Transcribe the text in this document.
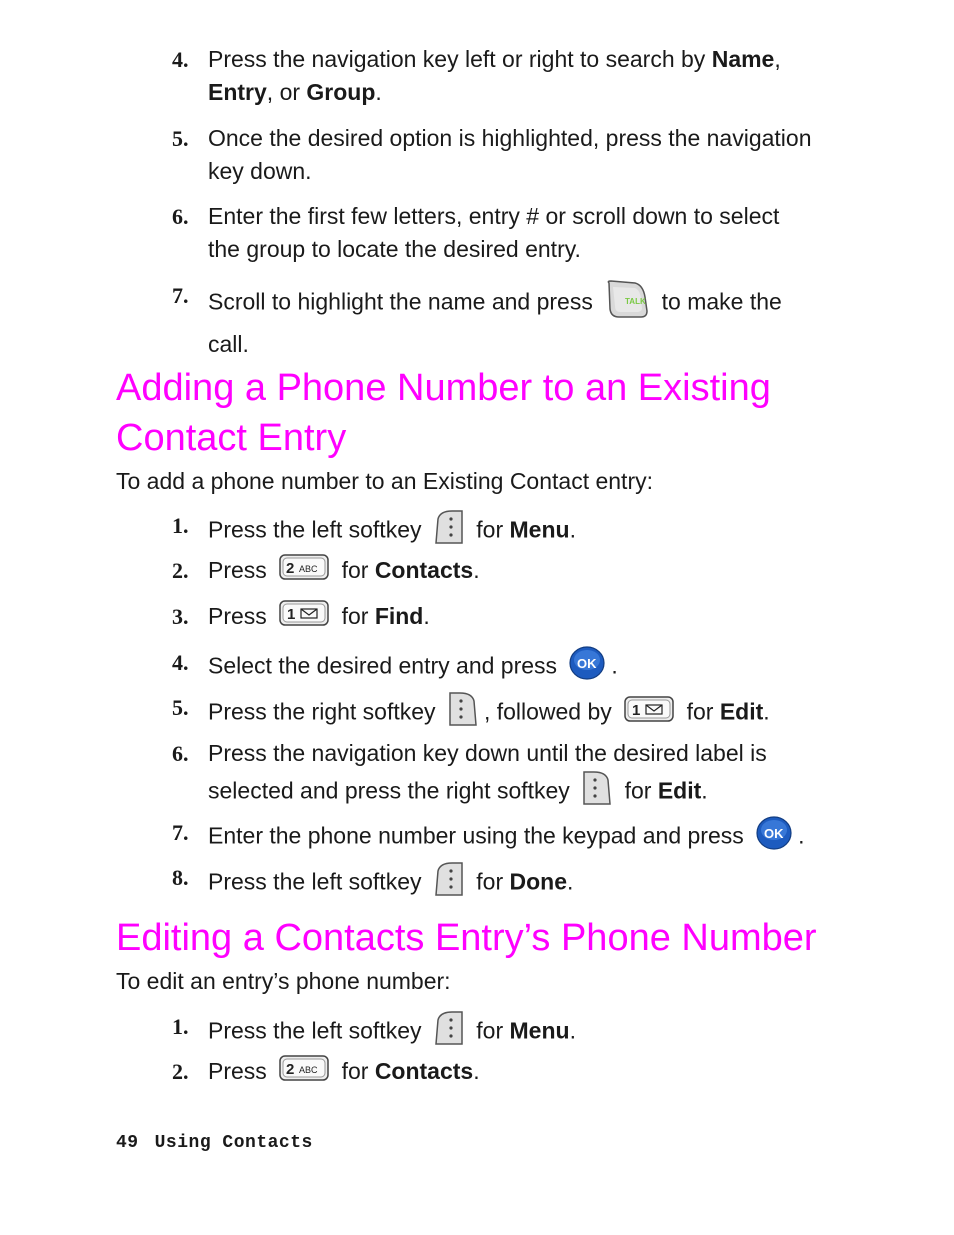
4. Press the navigation key left or right to search by Name, Entry, or Group.
5. Once the desired option is highlighted, press the navigation key down.
6. Enter the first few letters, entry # or scroll down to select the group to locate the desired entry.
7. Scroll to highlight the name and press	TALK to make the call.
Adding a Phone Number to an Existing Contact Entry
To add a phone number to an Existing Contact entry:
1. Press the left softkey  for Menu.
2. Press 2 ABC for Contacts.
3. Press 1 for Find.
4. Select the desired entry and press OK .
5. Press the right softkey , followed by 1 for Edit.
6. Press the navigation key down until the desired label is selected and press the right softkey  for Edit.
7. Enter the phone number using the keypad and press OK .
8. Press the left softkey  for Done.
Editing a Contacts Entry’s Phone Number
To edit an entry’s phone number:
1. Press the left softkey  for Menu.
2. Press 2 ABC for Contacts.
49 Using Contacts
